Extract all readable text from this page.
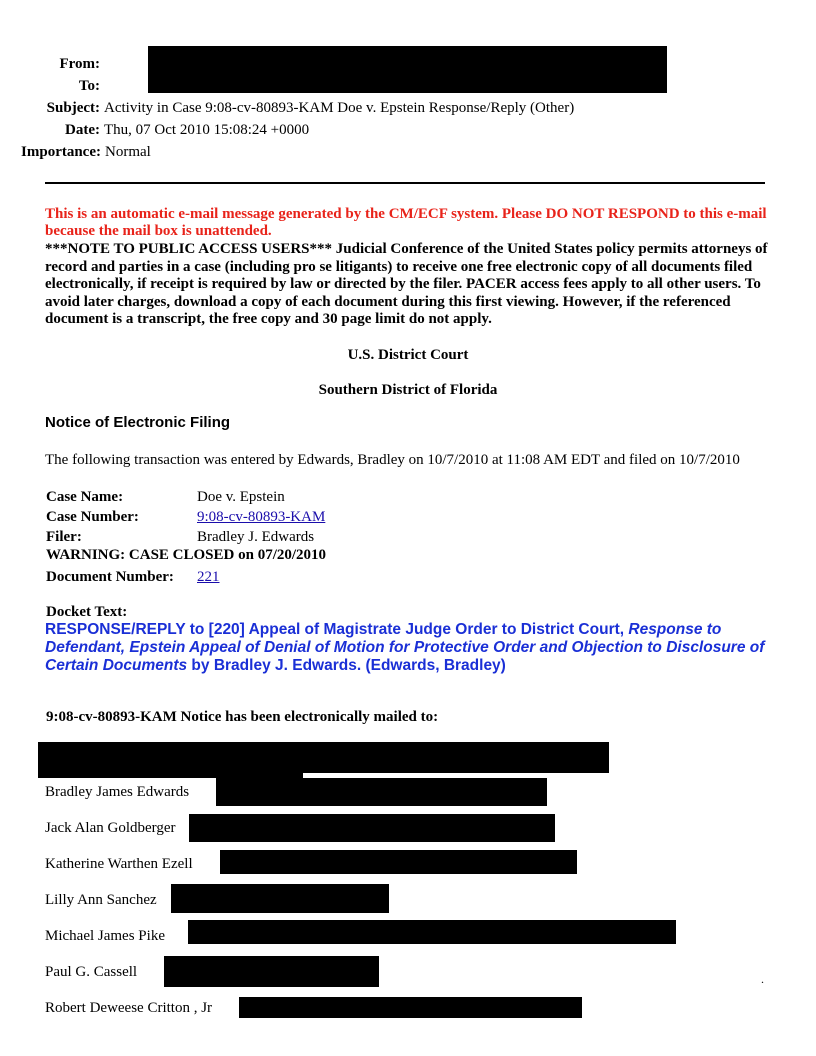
From:
To:
Subject: Activity in Case 9:08-cv-80893-KAM Doe v. Epstein Response/Reply (Other)
Date: Thu, 07 Oct 2010 15:08:24 +0000
Importance: Normal
This is an automatic e-mail message generated by the CM/ECF system. Please DO NOT RESPOND to this e-mail because the mail box is unattended.
***NOTE TO PUBLIC ACCESS USERS*** Judicial Conference of the United States policy permits attorneys of record and parties in a case (including pro se litigants) to receive one free electronic copy of all documents filed electronically, if receipt is required by law or directed by the filer. PACER access fees apply to all other users. To avoid later charges, download a copy of each document during this first viewing. However, if the referenced document is a transcript, the free copy and 30 page limit do not apply.
U.S. District Court
Southern District of Florida
Notice of Electronic Filing
The following transaction was entered by Edwards, Bradley on 10/7/2010 at 11:08 AM EDT and filed on 10/7/2010
Case Name:	Doe v. Epstein
Case Number:	9:08-cv-80893-KAM
Filer:	Bradley J. Edwards
WARNING: CASE CLOSED on 07/20/2010
Document Number: 221
Docket Text:
RESPONSE/REPLY to [220] Appeal of Magistrate Judge Order to District Court, Response to Defendant, Epstein Appeal of Denial of Motion for Protective Order and Objection to Disclosure of Certain Documents by Bradley J. Edwards. (Edwards, Bradley)
9:08-cv-80893-KAM Notice has been electronically mailed to:
Bradley James Edwards
Jack Alan Goldberger
Katherine Warthen Ezell
Lilly Ann Sanchez
Michael James Pike
Paul G. Cassell
Robert Deweese Critton , Jr
.
